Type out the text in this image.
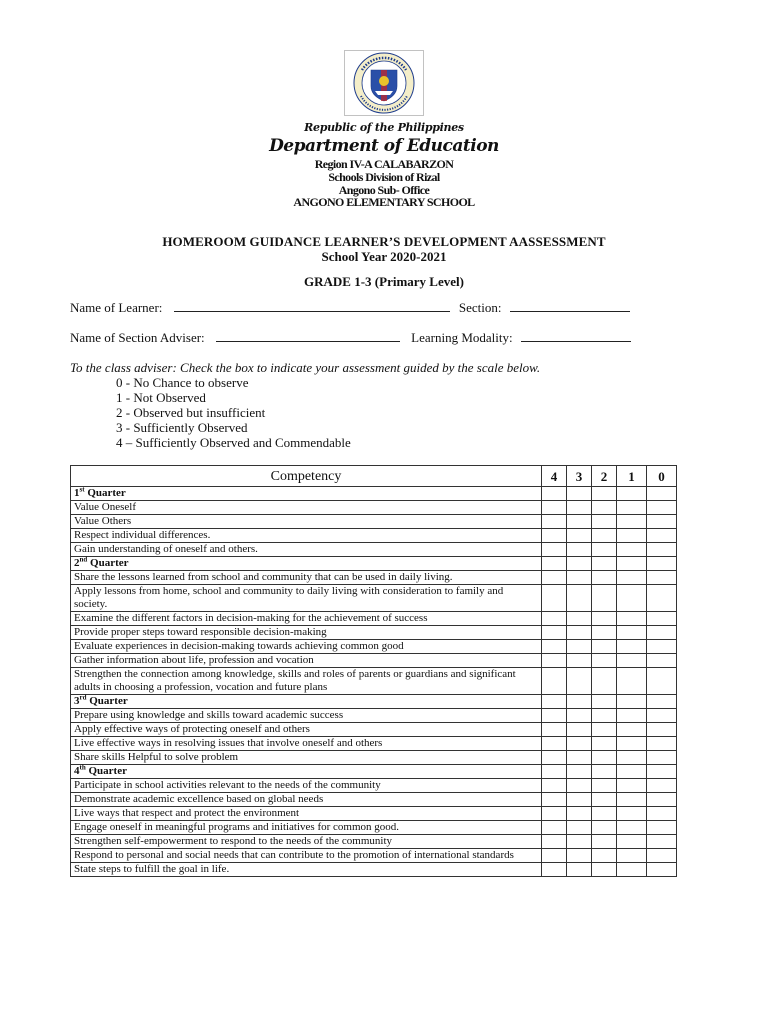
Republic of the Philippines
Department of Education
Region IV-A CALABARZON
Schools Division of Rizal
Angono Sub- Office
ANGONO ELEMENTARY SCHOOL
HOMEROOM GUIDANCE LEARNER’S DEVELOPMENT AASSESSMENT
School Year 2020-2021
GRADE 1-3 (Primary Level)
Name of Learner:	Section:
Name of Section Adviser:	Learning Modality:
To the class adviser: Check the box to indicate your assessment guided by the scale below.
0 - No Chance to observe
1 - Not Observed
2 - Observed but insufficient
3 - Sufficiently Observed
4 – Sufficiently Observed and Commendable
Competency	4	3	2	1	0
1st Quarter					
Value Oneself					
Value Others					
Respect individual differences.					
Gain understanding of oneself and others.					
2nd Quarter					
Share the lessons learned from school and community that can be used in daily living.					
Apply lessons from home, school and community to daily living with consideration to family and society.					
Examine the different factors in decision-making for the achievement of success					
Provide proper steps toward responsible decision-making					
Evaluate experiences in decision-making towards achieving common good					
Gather information about life, profession and vocation					
Strengthen the connection among knowledge, skills and roles of parents or guardians and significant adults in choosing a profession, vocation and future plans					
3rd Quarter					
Prepare using knowledge and skills toward academic success					
Apply effective ways of protecting oneself and others					
Live effective ways in resolving issues that involve oneself and others					
Share skills Helpful to solve problem					
4th Quarter					
Participate in school activities relevant to the needs of the community					
Demonstrate academic excellence based on global needs					
Live ways that respect and protect the environment					
Engage oneself in meaningful programs and initiatives for common good.					
Strengthen self-empowerment to respond to the needs of the community					
Respond to personal and social needs that can contribute to the promotion of international standards					
State steps to fulfill the goal in life.					
